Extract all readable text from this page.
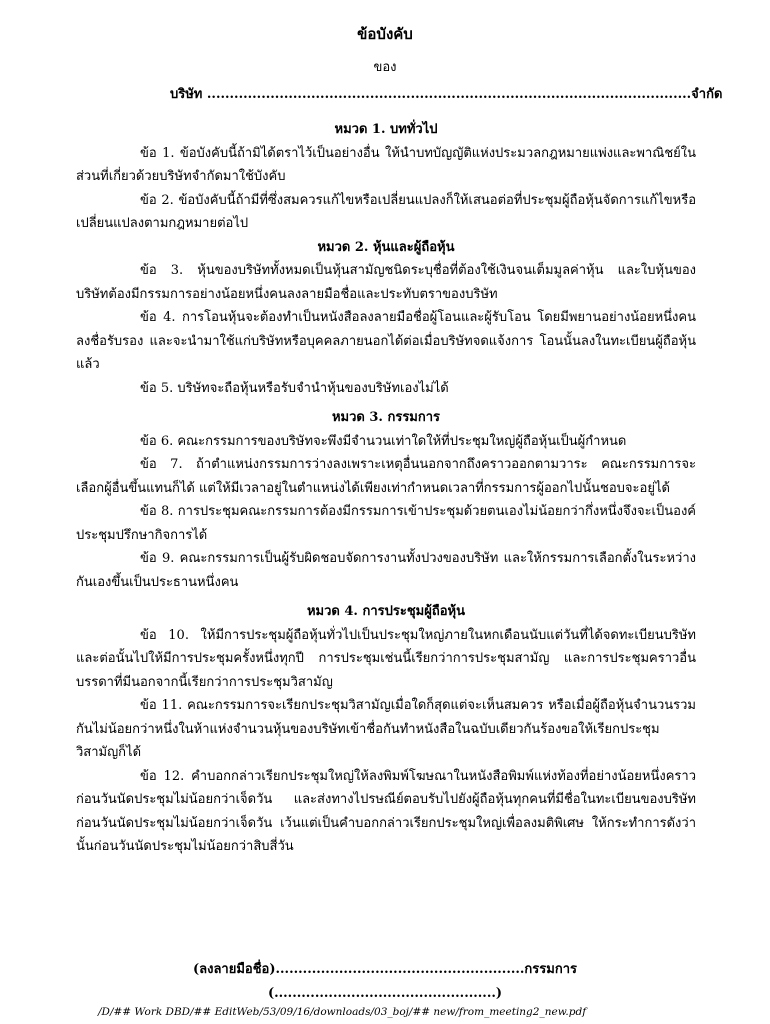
ข้อบังคับ
ของ
บริษัท ...........................................................................................................จำกัด

หมวด 1. บททั่วไป

ข้อ 1. ข้อบังคับนี้ถ้ามิได้ตราไว้เป็นอย่างอื่น ให้นำบทบัญญัติแห่งประมวลกฎหมายแพ่งและพาณิชย์ในส่วนที่เกี่ยวด้วยบริษัทจำกัดมาใช้บังคับ

ข้อ 2. ข้อบังคับนี้ถ้ามีที่ซึ่งสมควรแก้ไขหรือเปลี่ยนแปลงก็ให้เสนอต่อที่ประชุมผู้ถือหุ้นจัดการแก้ไขหรือเปลี่ยนแปลงตามกฎหมายต่อไป

หมวด 2. หุ้นและผู้ถือหุ้น

ข้อ 3. หุ้นของบริษัททั้งหมดเป็นหุ้นสามัญชนิดระบุชื่อที่ต้องใช้เงินจนเต็มมูลค่าหุ้น และใบหุ้นของบริษัทต้องมีกรรมการอย่างน้อยหนึ่งคนลงลายมือชื่อและประทับตราของบริษัท

ข้อ 4. การโอนหุ้นจะต้องทำเป็นหนังสือลงลายมือชื่อผู้โอนและผู้รับโอน โดยมีพยานอย่างน้อยหนึ่งคนลงชื่อรับรอง และจะนำมาใช้แก่บริษัทหรือบุคคลภายนอกได้ต่อเมื่อบริษัทจดแจ้งการ โอนนั้นลงในทะเบียนผู้ถือหุ้นแล้ว

ข้อ 5. บริษัทจะถือหุ้นหรือรับจำนำหุ้นของบริษัทเองไม่ได้

หมวด 3. กรรมการ

ข้อ 6. คณะกรรมการของบริษัทจะพึงมีจำนวนเท่าใดให้ที่ประชุมใหญ่ผู้ถือหุ้นเป็นผู้กำหนด

ข้อ 7. ถ้าตำแหน่งกรรมการว่างลงเพราะเหตุอื่นนอกจากถึงคราวออกตามวาระ คณะกรรมการจะเลือกผู้อื่นขึ้นแทนก็ได้ แต่ให้มีเวลาอยู่ในตำแหน่งได้เพียงเท่ากำหนดเวลาที่กรรมการผู้ออกไปนั้นชอบจะอยู่ได้

ข้อ 8. การประชุมคณะกรรมการต้องมีกรรมการเข้าประชุมด้วยตนเองไม่น้อยกว่ากึ่งหนึ่งจึงจะเป็นองค์ประชุมปรึกษากิจการได้

ข้อ 9. คณะกรรมการเป็นผู้รับผิดชอบจัดการงานทั้งปวงของบริษัท และให้กรรมการเลือกตั้งในระหว่างกันเองขึ้นเป็นประธานหนึ่งคน

หมวด 4. การประชุมผู้ถือหุ้น

ข้อ 10. ให้มีการประชุมผู้ถือหุ้นทั่วไปเป็นประชุมใหญ่ภายในหกเดือนนับแต่วันที่ได้จดทะเบียนบริษัทและต่อนั้นไปให้มีการประชุมครั้งหนึ่งทุกปี การประชุมเช่นนี้เรียกว่าการประชุมสามัญ และการประชุมคราวอื่นบรรดาที่มีนอกจากนี้เรียกว่าการประชุมวิสามัญ

ข้อ 11. คณะกรรมการจะเรียกประชุมวิสามัญเมื่อใดก็สุดแต่จะเห็นสมควร หรือเมื่อผู้ถือหุ้นจำนวนรวมกันไม่น้อยกว่าหนึ่งในห้าแห่งจำนวนหุ้นของบริษัทเข้าชื่อกันทำหนังสือในฉบับเดียวกันร้องขอให้เรียกประชุมวิสามัญก็ได้

ข้อ 12. คำบอกกล่าวเรียกประชุมใหญ่ให้ลงพิมพ์โฆษณาในหนังสือพิมพ์แห่งท้องที่อย่างน้อยหนึ่งคราวก่อนวันนัดประชุมไม่น้อยกว่าเจ็ดวัน และส่งทางไปรษณีย์ตอบรับไปยังผู้ถือหุ้นทุกคนที่มีชื่อในทะเบียนของบริษัทก่อนวันนัดประชุมไม่น้อยกว่าเจ็ดวัน เว้นแต่เป็นคำบอกกล่าวเรียกประชุมใหญ่เพื่อลงมติพิเศษ ให้กระทำการดังว่านั้นก่อนวันนัดประชุมไม่น้อยกว่าสิบสี่วัน

(ลงลายมือชื่อ).......................................................กรรมการ
(.................................................)
/D/## Work DBD/## EditWeb/53/09/16/downloads/03_boj/## new/from_meeting2_new.pdf
